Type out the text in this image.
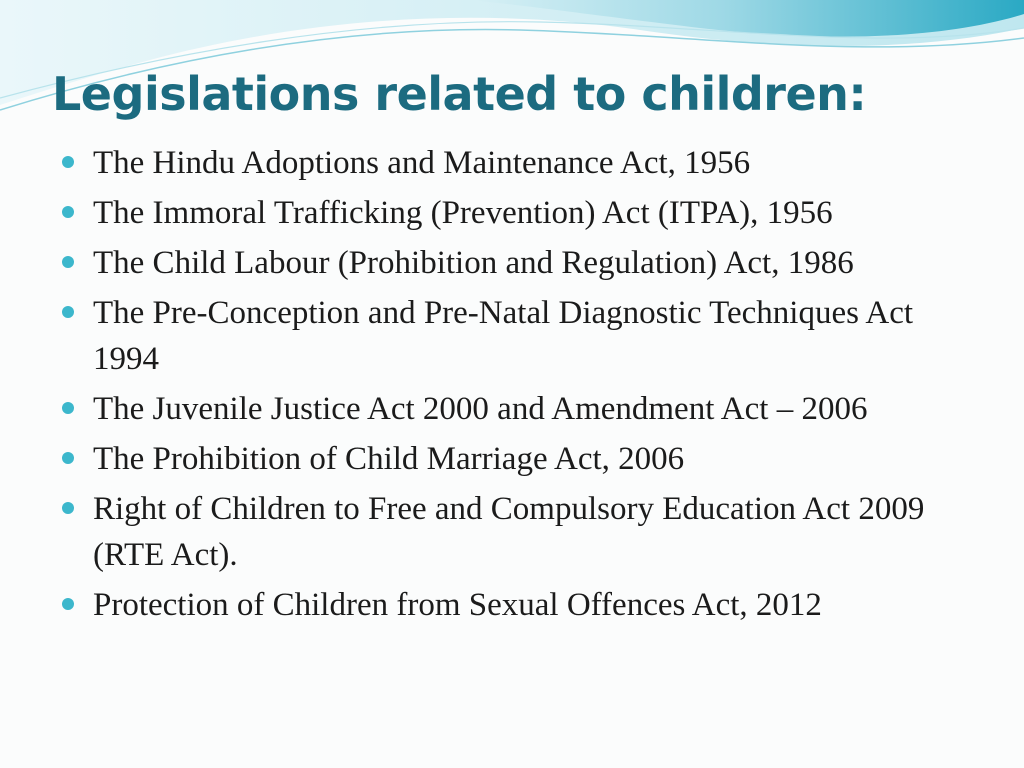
Legislations related to children:
The Hindu Adoptions and Maintenance Act, 1956
The Immoral Trafficking (Prevention) Act (ITPA), 1956
The Child Labour (Prohibition and Regulation) Act, 1986
The Pre-Conception and Pre-Natal Diagnostic Techniques Act 1994
The Juvenile Justice Act 2000 and Amendment Act – 2006
The Prohibition of Child Marriage Act, 2006
Right of Children to Free and Compulsory Education Act 2009 (RTE Act).
Protection of Children from Sexual Offences Act, 2012
